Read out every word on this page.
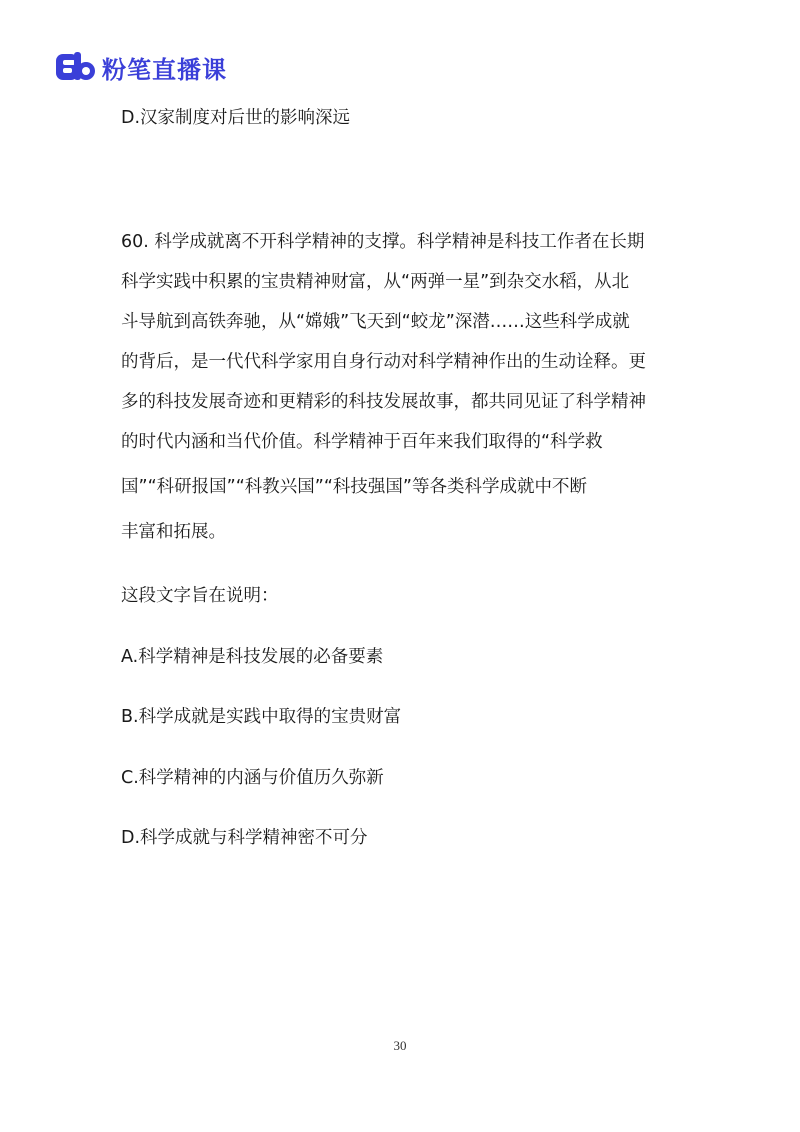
粉笔直播课
D.汉家制度对后世的影响深远
60. 科学成就离不开科学精神的支撑。科学精神是科技工作者在长期
科学实践中积累的宝贵精神财富，从“两弹一星”到杂交水稻，从北
斗导航到高铁奔驰，从“嫦娥”飞天到“蛟龙”深潜……这些科学成就
的背后，是一代代科学家用自身行动对科学精神作出的生动诠释。更
多的科技发展奇迹和更精彩的科技发展故事，都共同见证了科学精神
的时代内涵和当代价值。科学精神于百年来我们取得的“科学救
国”“科研报国”“科教兴国”“科技强国”等各类科学成就中不断
丰富和拓展。
这段文字旨在说明：
A.科学精神是科技发展的必备要素
B.科学成就是实践中取得的宝贵财富
C.科学精神的内涵与价值历久弥新
D.科学成就与科学精神密不可分
30
